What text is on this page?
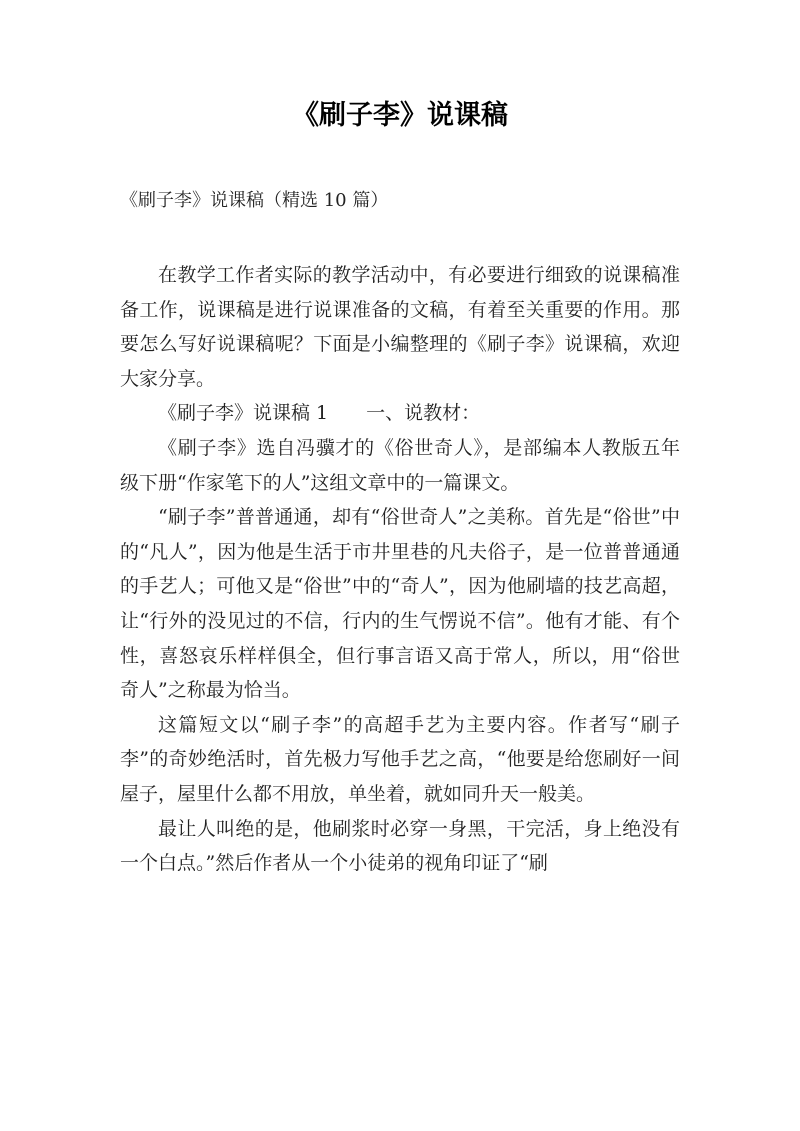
《刷子李》说课稿
《刷子李》说课稿（精选 10 篇）

在教学工作者实际的教学活动中，有必要进行细致的说课稿准备工作，说课稿是进行说课准备的文稿，有着至关重要的作用。那要怎么写好说课稿呢？下面是小编整理的《刷子李》说课稿，欢迎大家分享。

《刷子李》说课稿 1　　一、说教材：

《刷子李》选自冯骥才的《俗世奇人》，是部编本人教版五年级下册“作家笔下的人”这组文章中的一篇课文。

“刷子李”普普通通，却有“俗世奇人”之美称。首先是“俗世”中的“凡人”，因为他是生活于市井里巷的凡夫俗子，是一位普普通通的手艺人；可他又是“俗世”中的“奇人”，因为他刷墙的技艺高超，让“行外的没见过的不信，行内的生气愣说不信”。他有才能、有个性，喜怒哀乐样样俱全，但行事言语又高于常人，所以，用“俗世奇人”之称最为恰当。

这篇短文以“刷子李”的高超手艺为主要内容。作者写“刷子李”的奇妙绝活时，首先极力写他手艺之高，“他要是给您刷好一间屋子，屋里什么都不用放，单坐着，就如同升天一般美。

最让人叫绝的是，他刷浆时必穿一身黑，干完活，身上绝没有一个白点。”然后作者从一个小徒弟的视角印证了“刷
